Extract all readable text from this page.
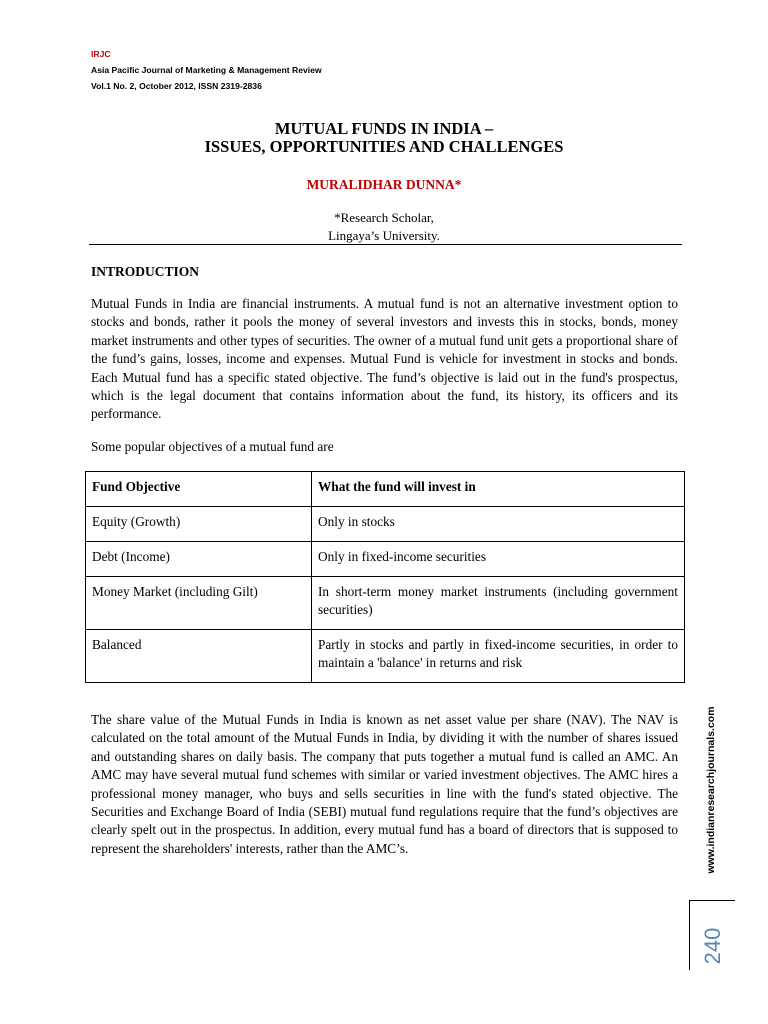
IRJC
Asia Pacific Journal of Marketing & Management Review
Vol.1 No. 2, October 2012, ISSN 2319-2836
MUTUAL FUNDS IN INDIA –
ISSUES, OPPORTUNITIES AND CHALLENGES
MURALIDHAR DUNNA*
*Research Scholar,
Lingaya’s University.
INTRODUCTION

Mutual Funds in India are financial instruments. A mutual fund is not an alternative investment option to stocks and bonds, rather it pools the money of several investors and invests this in stocks, bonds, money market instruments and other types of securities. The owner of a mutual fund unit gets a proportional share of the fund’s gains, losses, income and expenses. Mutual Fund is vehicle for investment in stocks and bonds. Each Mutual fund has a specific stated objective. The fund’s objective is laid out in the fund's prospectus, which is the legal document that contains information about the fund, its history, its officers and its performance.

Some popular objectives of a mutual fund are

Fund Objective	What the fund will invest in
Equity (Growth)	Only in stocks
Debt (Income)	Only in fixed-income securities
Money Market (including Gilt)	In short-term money market instruments (including government securities)
Balanced	Partly in stocks and partly in fixed-income securities, in order to maintain a 'balance' in returns and risk

The share value of the Mutual Funds in India is known as net asset value per share (NAV). The NAV is calculated on the total amount of the Mutual Funds in India, by dividing it with the number of shares issued and outstanding shares on daily basis. The company that puts together a mutual fund is called an AMC. An AMC may have several mutual fund schemes with similar or varied investment objectives. The AMC hires a professional money manager, who buys and sells securities in line with the fund's stated objective. The Securities and Exchange Board of India (SEBI) mutual fund regulations require that the fund’s objectives are clearly spelt out in the prospectus. In addition, every mutual fund has a board of directors that is supposed to represent the shareholders' interests, rather than the AMC’s.	www.indianresearchjournals.com
240
